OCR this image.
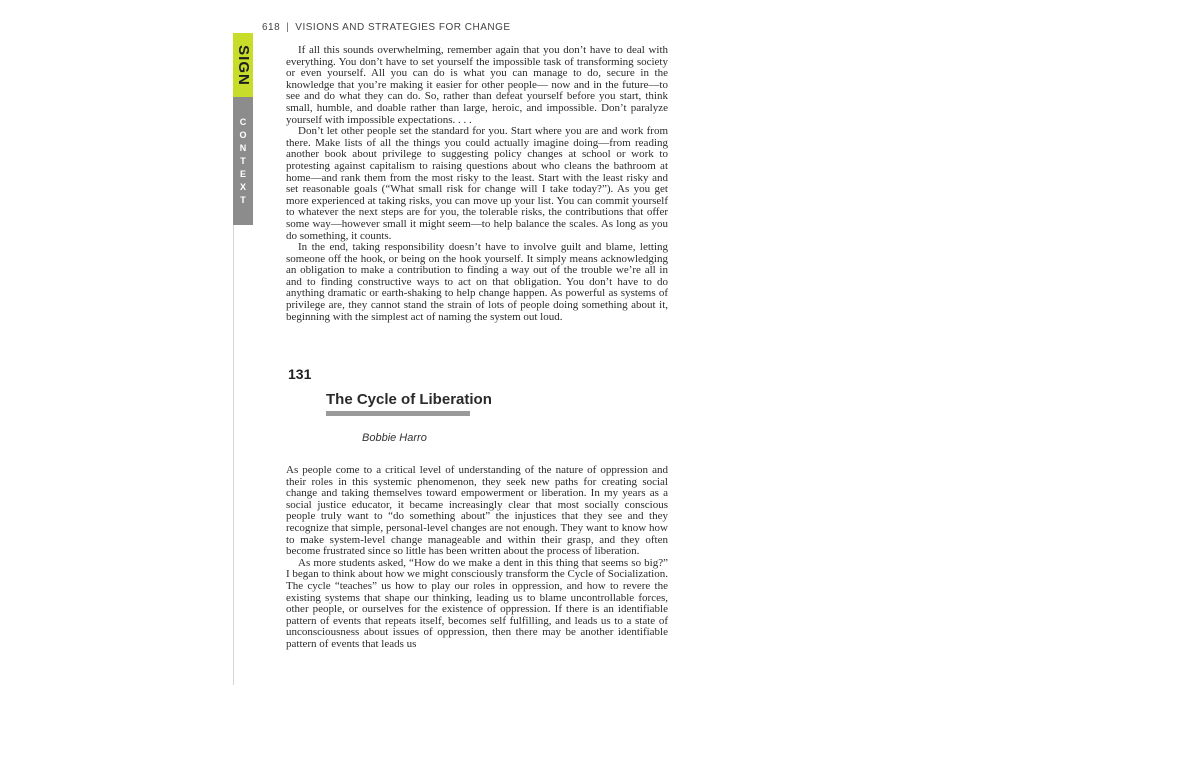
618 | VISIONS AND STRATEGIES FOR CHANGE
SIGN
C
O
N
T
E
X
T

If all this sounds overwhelming, remember again that you don’t have to deal with everything. You don’t have to set yourself the impossible task of transforming society or even yourself. All you can do is what you can manage to do, secure in the knowledge that you’re making it easier for other people— now and in the future—to see and do what they can do. So, rather than defeat yourself before you start, think small, humble, and doable rather than large, heroic, and impossible. Don’t paralyze yourself with impossible expectations. . . .

Don’t let other people set the standard for you. Start where you are and work from there. Make lists of all the things you could actually imagine doing—from reading another book about privilege to suggesting policy changes at school or work to protesting against capitalism to raising questions about who cleans the bathroom at home—and rank them from the most risky to the least. Start with the least risky and set reasonable goals (“What small risk for change will I take today?”). As you get more experienced at taking risks, you can move up your list. You can commit yourself to whatever the next steps are for you, the tolerable risks, the contributions that offer some way—however small it might seem—to help balance the scales. As long as you do something, it counts.

In the end, taking responsibility doesn’t have to involve guilt and blame, letting someone off the hook, or being on the hook yourself. It simply means acknowledging an obligation to make a contribution to finding a way out of the trouble we’re all in and to finding constructive ways to act on that obligation. You don’t have to do anything dramatic or earth-shaking to help change happen. As powerful as systems of privilege are, they cannot stand the strain of lots of people doing something about it, beginning with the simplest act of naming the system out loud.

131
The Cycle of Liberation
Bobbie Harro

As people come to a critical level of understanding of the nature of oppression and their roles in this systemic phenomenon, they seek new paths for creating social change and taking themselves toward empowerment or liberation. In my years as a social justice educator, it became increasingly clear that most socially conscious people truly want to “do something about” the injustices that they see and they recognize that simple, personal-level changes are not enough. They want to know how to make system-level change manageable and within their grasp, and they often become frustrated since so little has been written about the process of liberation.

As more students asked, “How do we make a dent in this thing that seems so big?” I began to think about how we might consciously transform the Cycle of Socialization. The cycle “teaches” us how to play our roles in oppression, and how to revere the existing systems that shape our thinking, leading us to blame uncontrollable forces, other people, or ourselves for the existence of oppression. If there is an identifiable pattern of events that repeats itself, becomes self fulfilling, and leads us to a state of unconsciousness about issues of oppression, then there may be another identifiable pattern of events that leads us
